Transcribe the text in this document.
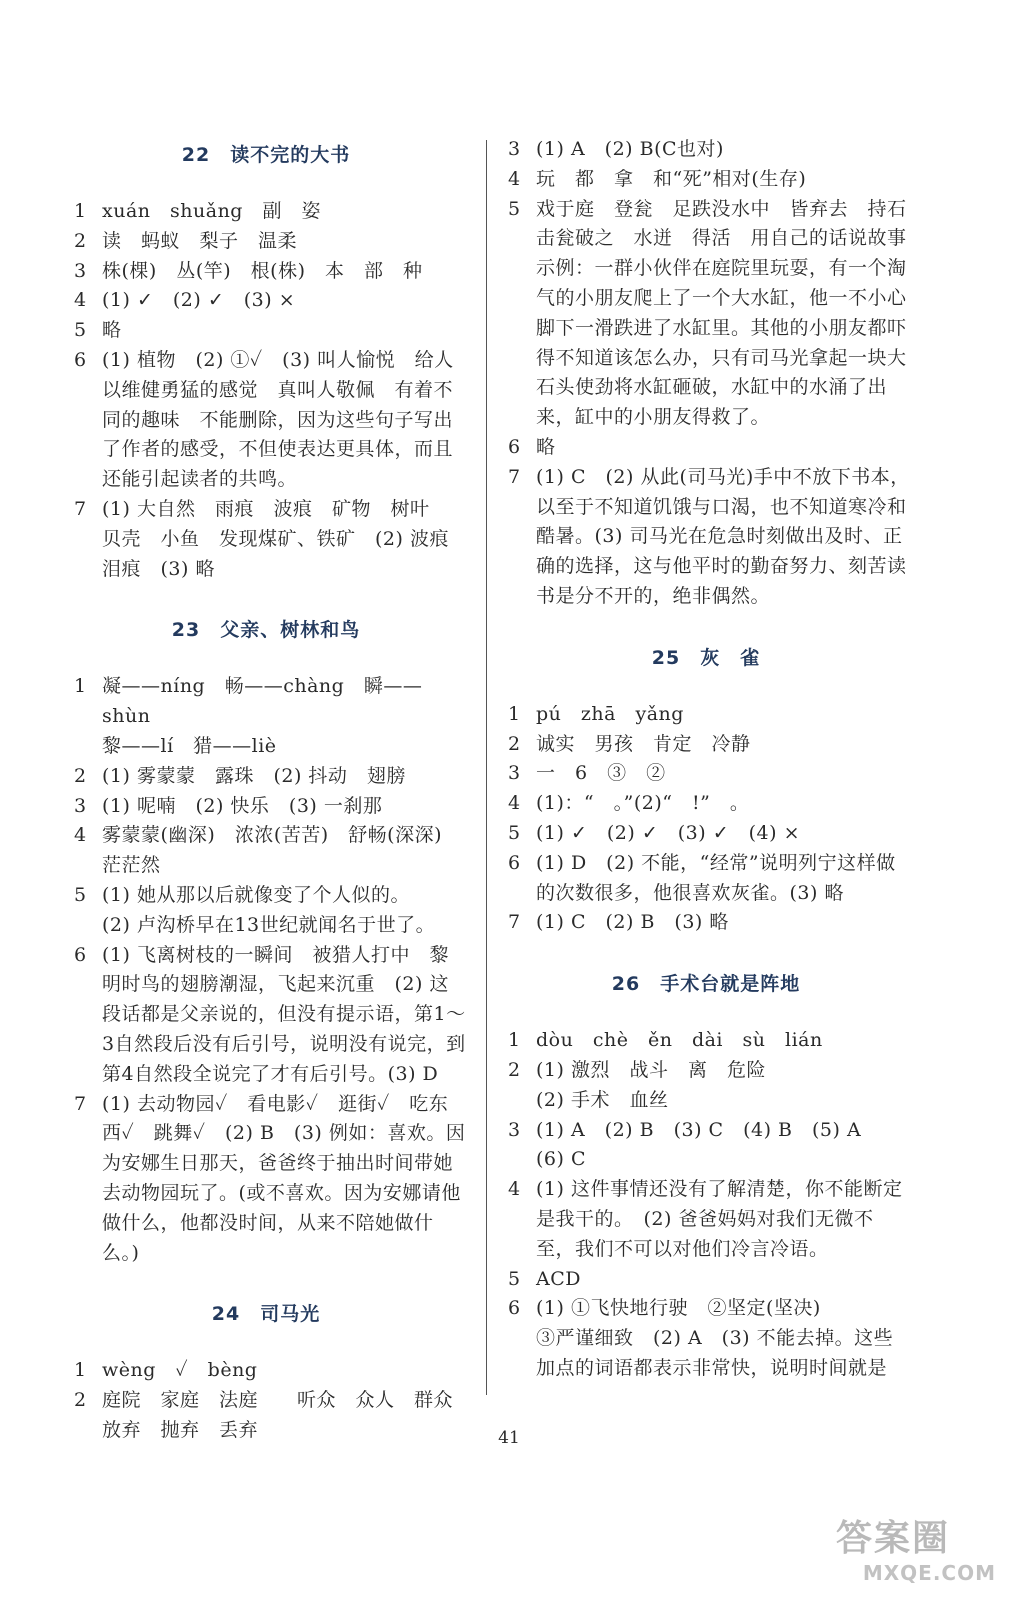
22　读不完的大书
1 xuán　shuǎng　副　姿
2 读　蚂蚁　梨子　温柔
3 株(棵)　丛(竿)　根(株)　本　部　种
4 (1) ✓　(2) ✓　(3) ×
5 略
6 (1) 植物　(2) ①✓　(3) 叫人愉悦　给人以维健勇猛的感觉　真叫人敬佩　有着不同的趣味　不能删除，因为这些句子写出了作者的感受，不但使表达更具体，而且还能引起读者的共鸣。
7 (1) 大自然　雨痕　波痕　矿物　树叶　贝壳　小鱼　发现煤矿、铁矿　(2) 波痕　泪痕　(3) 略
23　父亲、树林和鸟
1 凝——níng　畅——chàng　瞬——shùn
黎——lí　猎——liè
2 (1) 雾蒙蒙　露珠　(2) 抖动　翅膀
3 (1) 呢喃　(2) 快乐　(3) 一刹那
4 雾蒙蒙(幽深)　浓浓(苦苦)　舒畅(深深)　茫茫然
5 (1) 她从那以后就像变了个人似的。
(2) 卢沟桥早在13世纪就闻名于世了。
6 (1) 飞离树枝的一瞬间　被猎人打中　黎明时鸟的翅膀潮湿，飞起来沉重　(2) 这段话都是父亲说的，但没有提示语，第1～3自然段后没有后引号，说明没有说完，到第4自然段全说完了才有后引号。(3) D
7 (1) 去动物园✓　看电影✓　逛街✓　吃东西✓　跳舞✓　(2) B　(3) 例如：喜欢。因为安娜生日那天，爸爸终于抽出时间带她去动物园玩了。(或不喜欢。因为安娜请他做什么，他都没时间，从来不陪她做什么。)
24　司马光
1 wèng　✓　bèng
2 庭院　家庭　法庭　　听众　众人　群众
放弃　抛弃　丢弃
3 (1) A　(2) B(C也对)
4 玩　都　拿　和“死”相对(生存)
5 戏于庭　登瓮　足跌没水中　皆弃去　持石击瓮破之　水迸　得活　用自己的话说故事示例：一群小伙伴在庭院里玩耍，有一个淘气的小朋友爬上了一个大水缸，他一不小心脚下一滑跌进了水缸里。其他的小朋友都吓得不知道该怎么办，只有司马光拿起一块大石头使劲将水缸砸破，水缸中的水涌了出来，缸中的小朋友得救了。
6 略
7 (1) C　(2) 从此(司马光)手中不放下书本，以至于不知道饥饿与口渴，也不知道寒冷和酷暑。(3) 司马光在危急时刻做出及时、正确的选择，这与他平时的勤奋努力、刻苦读书是分不开的，绝非偶然。
25　灰　雀
1 pú　zhā　yǎng
2 诚实　男孩　肯定　冷静
3 一　6　③　②
4 (1)：“　。”(2)“　!”　。
5 (1) ✓　(2) ✓　(3) ✓　(4) ×
6 (1) D　(2) 不能，“经常”说明列宁这样做的次数很多，他很喜欢灰雀。(3) 略
7 (1) C　(2) B　(3) 略
26　手术台就是阵地
1 dòu　chè　ěn　dài　sù　lián
2 (1) 激烈　战斗　离　危险
(2) 手术　血丝
3 (1) A　(2) B　(3) C　(4) B　(5) A
(6) C
4 (1) 这件事情还没有了解清楚，你不能断定是我干的。　(2) 爸爸妈妈对我们无微不至，我们不可以对他们冷言冷语。
5 ACD
6 (1) ①飞快地行驶　②坚定(坚决)
③严谨细致　(2) A　(3) 不能去掉。这些加点的词语都表示非常快，说明时间就是
41
答案圈
MXQE.COM
